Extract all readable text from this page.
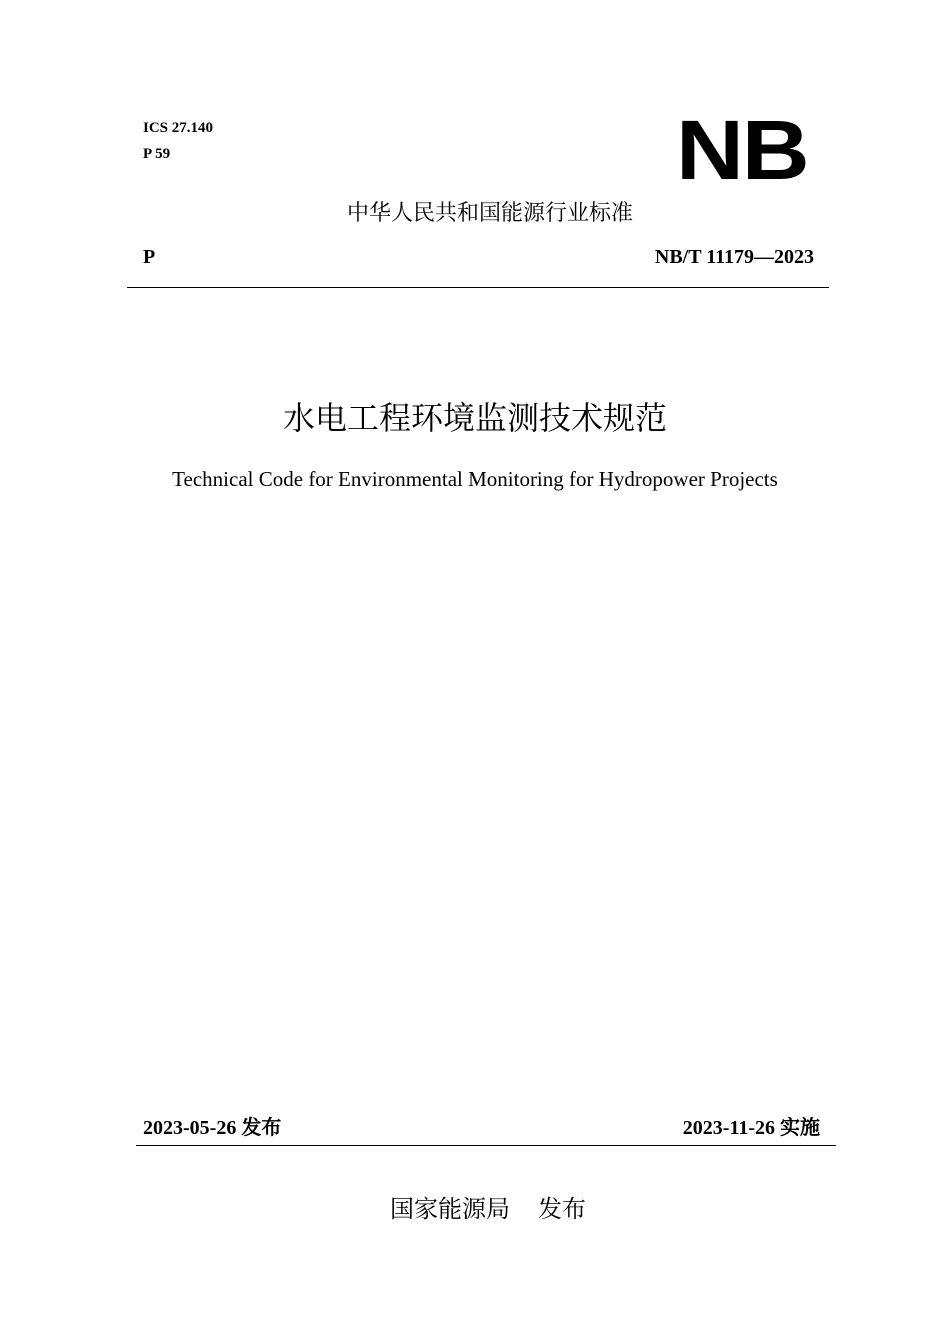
ICS 27.140
P 59	NB
中华人民共和国能源行业标准
P	NB/T 11179—2023
水电工程环境监测技术规范
Technical Code for Environmental Monitoring for Hydropower Projects
2023-05-26 发布	2023-11-26 实施
国家能源局 发布
